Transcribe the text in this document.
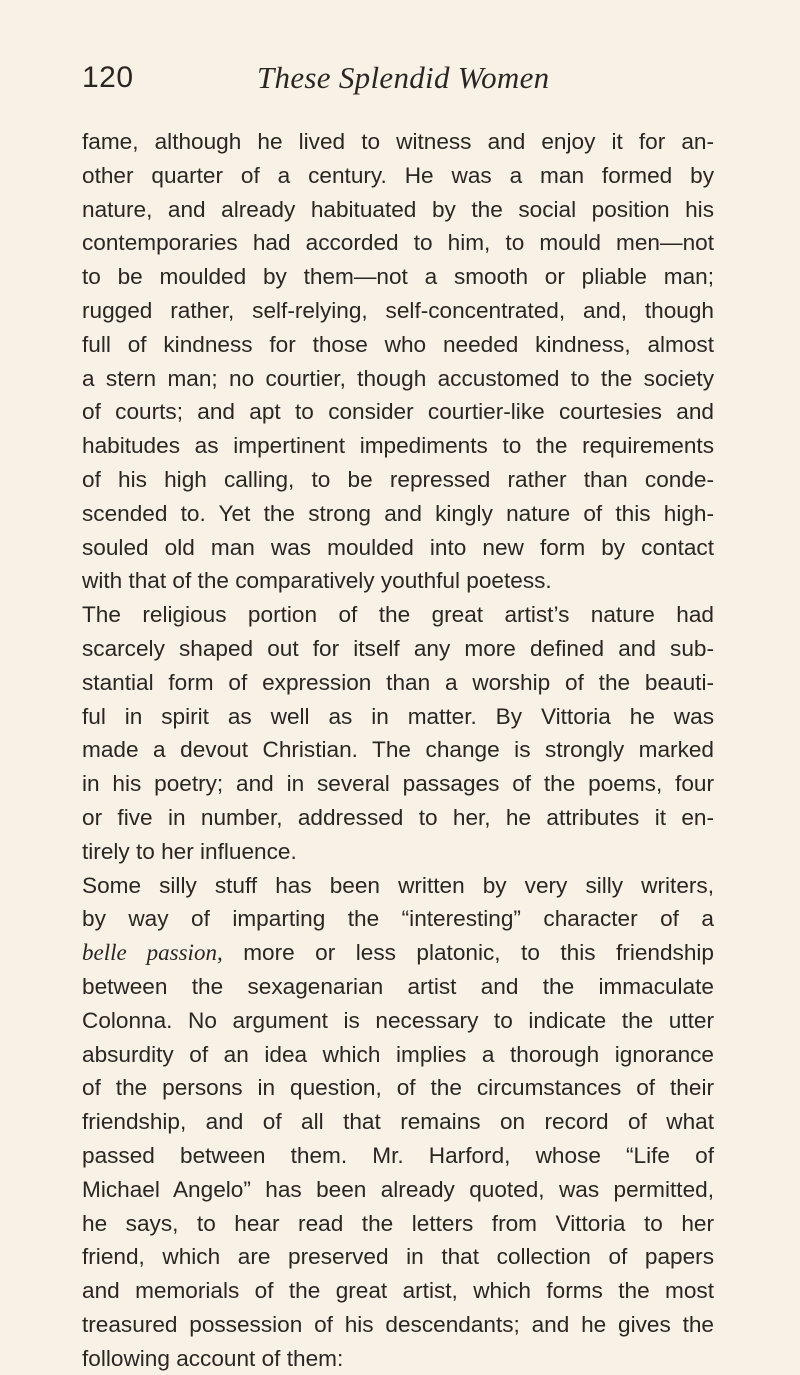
120	These Splendid Women
fame, although he lived to witness and enjoy it for an-
other quarter of a century. He was a man formed by
nature, and already habituated by the social position his
contemporaries had accorded to him, to mould men—not
to be moulded by them—not a smooth or pliable man;
rugged rather, self-relying, self-concentrated, and, though
full of kindness for those who needed kindness, almost
a stern man; no courtier, though accustomed to the society
of courts; and apt to consider courtier-like courtesies and
habitudes as impertinent impediments to the requirements
of his high calling, to be repressed rather than conde-
scended to. Yet the strong and kingly nature of this high-
souled old man was moulded into new form by contact
with that of the comparatively youthful poetess.
The religious portion of the great artist’s nature had
scarcely shaped out for itself any more defined and sub-
stantial form of expression than a worship of the beauti-
ful in spirit as well as in matter. By Vittoria he was
made a devout Christian. The change is strongly marked
in his poetry; and in several passages of the poems, four
or five in number, addressed to her, he attributes it en-
tirely to her influence.
Some silly stuff has been written by very silly writers,
by way of imparting the “interesting” character of a
belle passion, more or less platonic, to this friendship
between the sexagenarian artist and the immaculate
Colonna. No argument is necessary to indicate the utter
absurdity of an idea which implies a thorough ignorance
of the persons in question, of the circumstances of their
friendship, and of all that remains on record of what
passed between them. Mr. Harford, whose “Life of
Michael Angelo” has been already quoted, was permitted,
he says, to hear read the letters from Vittoria to her
friend, which are preserved in that collection of papers
and memorials of the great artist, which forms the most
treasured possession of his descendants; and he gives the
following account of them:
